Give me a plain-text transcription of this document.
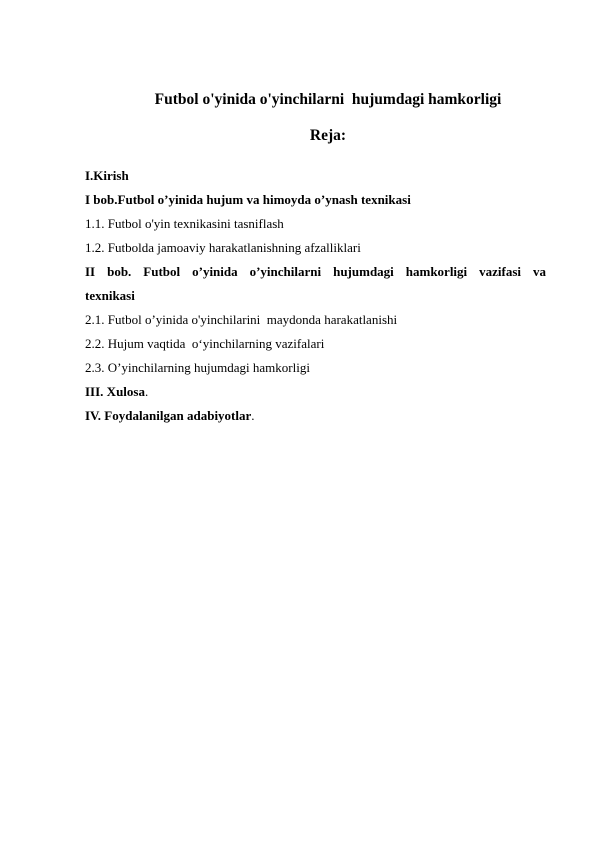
Futbol o'yinida o'yinchilarni  hujumdagi hamkorligi
Reja:
I.Kirish
I bob.Futbol o’yinida hujum va himoyda o’ynash texnikasi
1.1. Futbol o'yin texnikasini tasniflash
1.2. Futbolda jamoaviy harakatlanishning afzalliklari
II bob. Futbol o’yinida o’yinchilarni hujumdagi hamkorligi vazifasi va
texnikasi
2.1. Futbol o’yinida o'yinchilarini  maydonda harakatlanishi
2.2. Hujum vaqtida  o‘yinchilarning vazifalari
2.3. O’yinchilarning hujumdagi hamkorligi
III. Xulosa.
IV. Foydalanilgan adabiyotlar.
